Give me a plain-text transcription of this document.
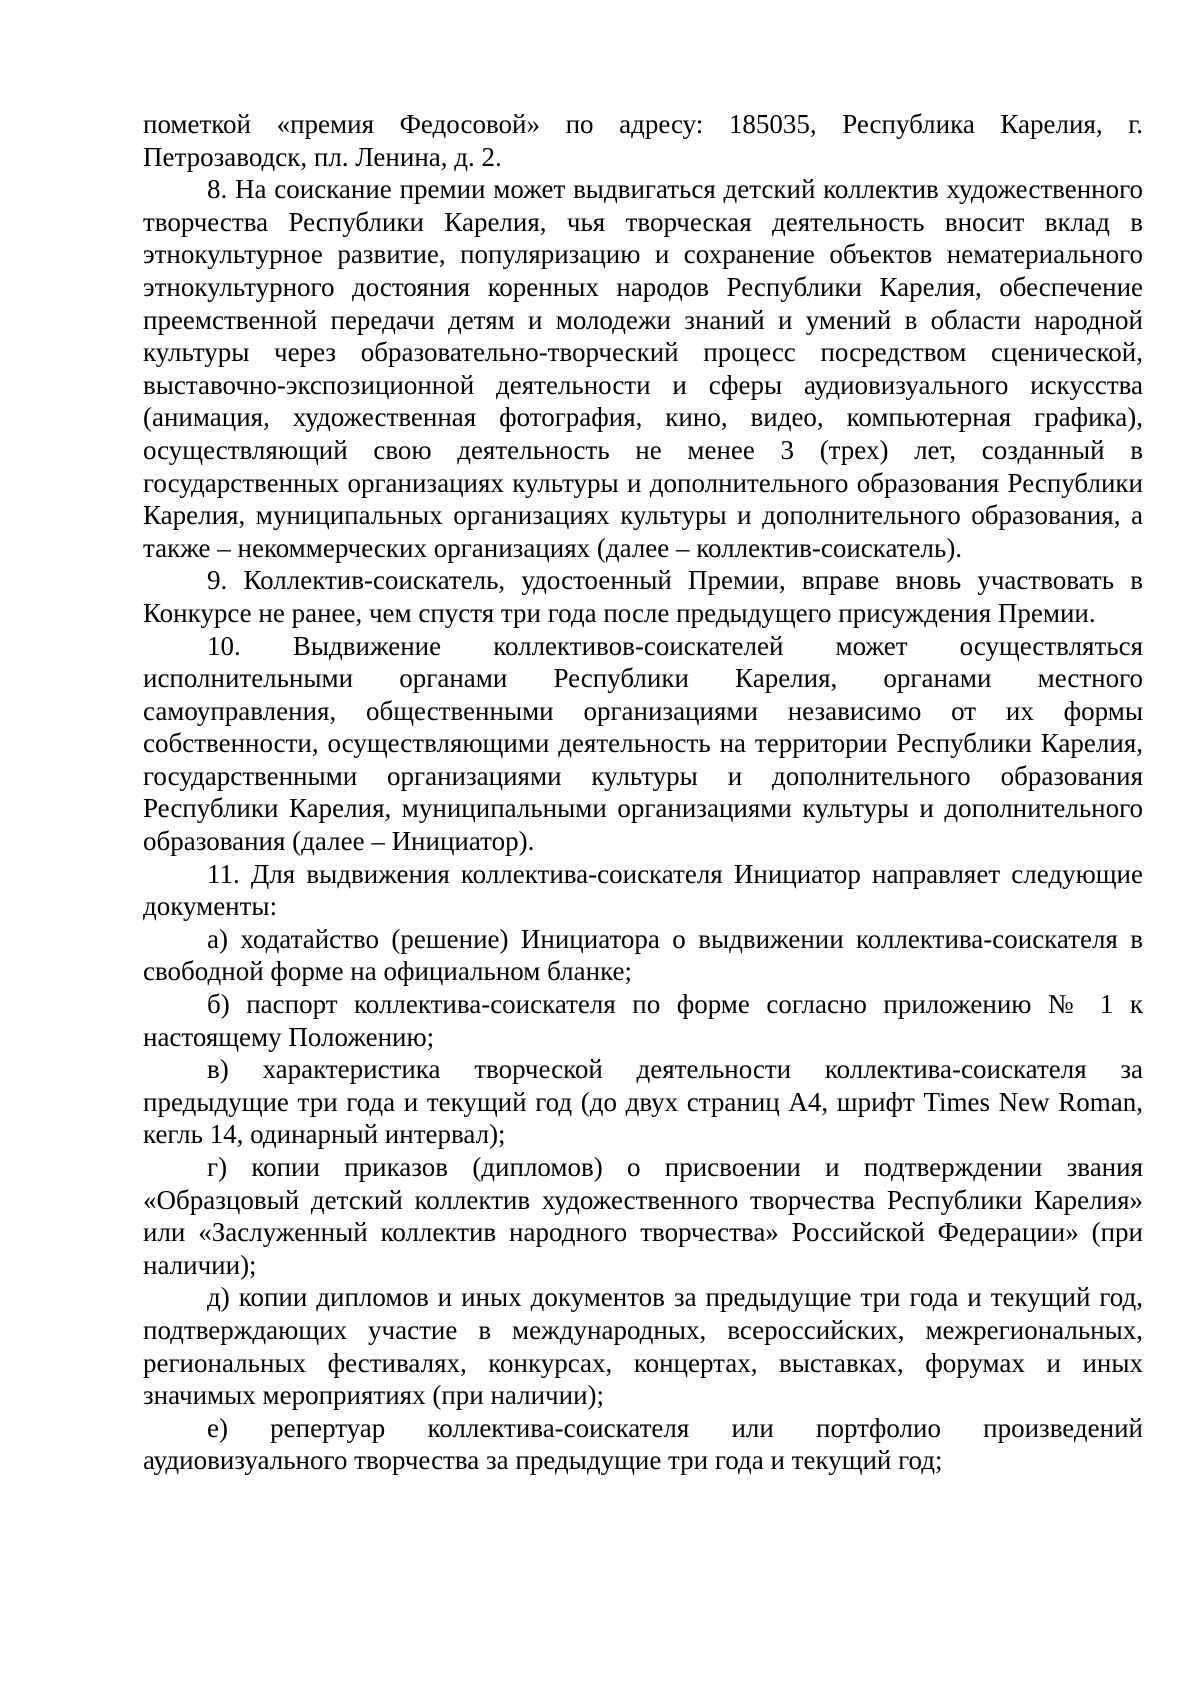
пометкой «премия Федосовой» по адресу: 185035, Республика Карелия, г. Петрозаводск, пл. Ленина, д. 2.

8. На соискание премии может выдвигаться детский коллектив художественного творчества Республики Карелия, чья творческая деятельность вносит вклад в этнокультурное развитие, популяризацию и сохранение объектов нематериального этнокультурного достояния коренных народов Республики Карелия, обеспечение преемственной передачи детям и молодежи знаний и умений в области народной культуры через образовательно-творческий процесс посредством сценической, выставочно-экспозиционной деятельности и сферы аудиовизуального искусства (анимация, художественная фотография, кино, видео, компьютерная графика), осуществляющий свою деятельность не менее 3 (трех) лет, созданный в государственных организациях культуры и дополнительного образования Республики Карелия, муниципальных организациях культуры и дополнительного образования, а также – некоммерческих организациях (далее – коллектив-соискатель).

9. Коллектив-соискатель, удостоенный Премии, вправе вновь участвовать в Конкурсе не ранее, чем спустя три года после предыдущего присуждения Премии.

10. Выдвижение коллективов-соискателей может осуществляться исполнительными органами Республики Карелия, органами местного самоуправления, общественными организациями независимо от их формы собственности, осуществляющими деятельность на территории Республики Карелия, государственными организациями культуры и дополнительного образования Республики Карелия, муниципальными организациями культуры и дополнительного образования (далее – Инициатор).

11. Для выдвижения коллектива-соискателя Инициатор направляет следующие документы:

а) ходатайство (решение) Инициатора о выдвижении коллектива-соискателя в свободной форме на официальном бланке;

б) паспорт коллектива-соискателя по форме согласно приложению № 1 к настоящему Положению;

в) характеристика творческой деятельности коллектива-соискателя за предыдущие три года и текущий год (до двух страниц А4, шрифт Times New Roman, кегль 14, одинарный интервал);

г) копии приказов (дипломов) о присвоении и подтверждении звания «Образцовый детский коллектив художественного творчества Республики Карелия» или «Заслуженный коллектив народного творчества» Российской Федерации» (при наличии);

д) копии дипломов и иных документов за предыдущие три года и текущий год, подтверждающих участие в международных, всероссийских, межрегиональных, региональных фестивалях, конкурсах, концертах, выставках, форумах и иных значимых мероприятиях (при наличии);

е) репертуар коллектива-соискателя или портфолио произведений аудиовизуального творчества за предыдущие три года и текущий год;
